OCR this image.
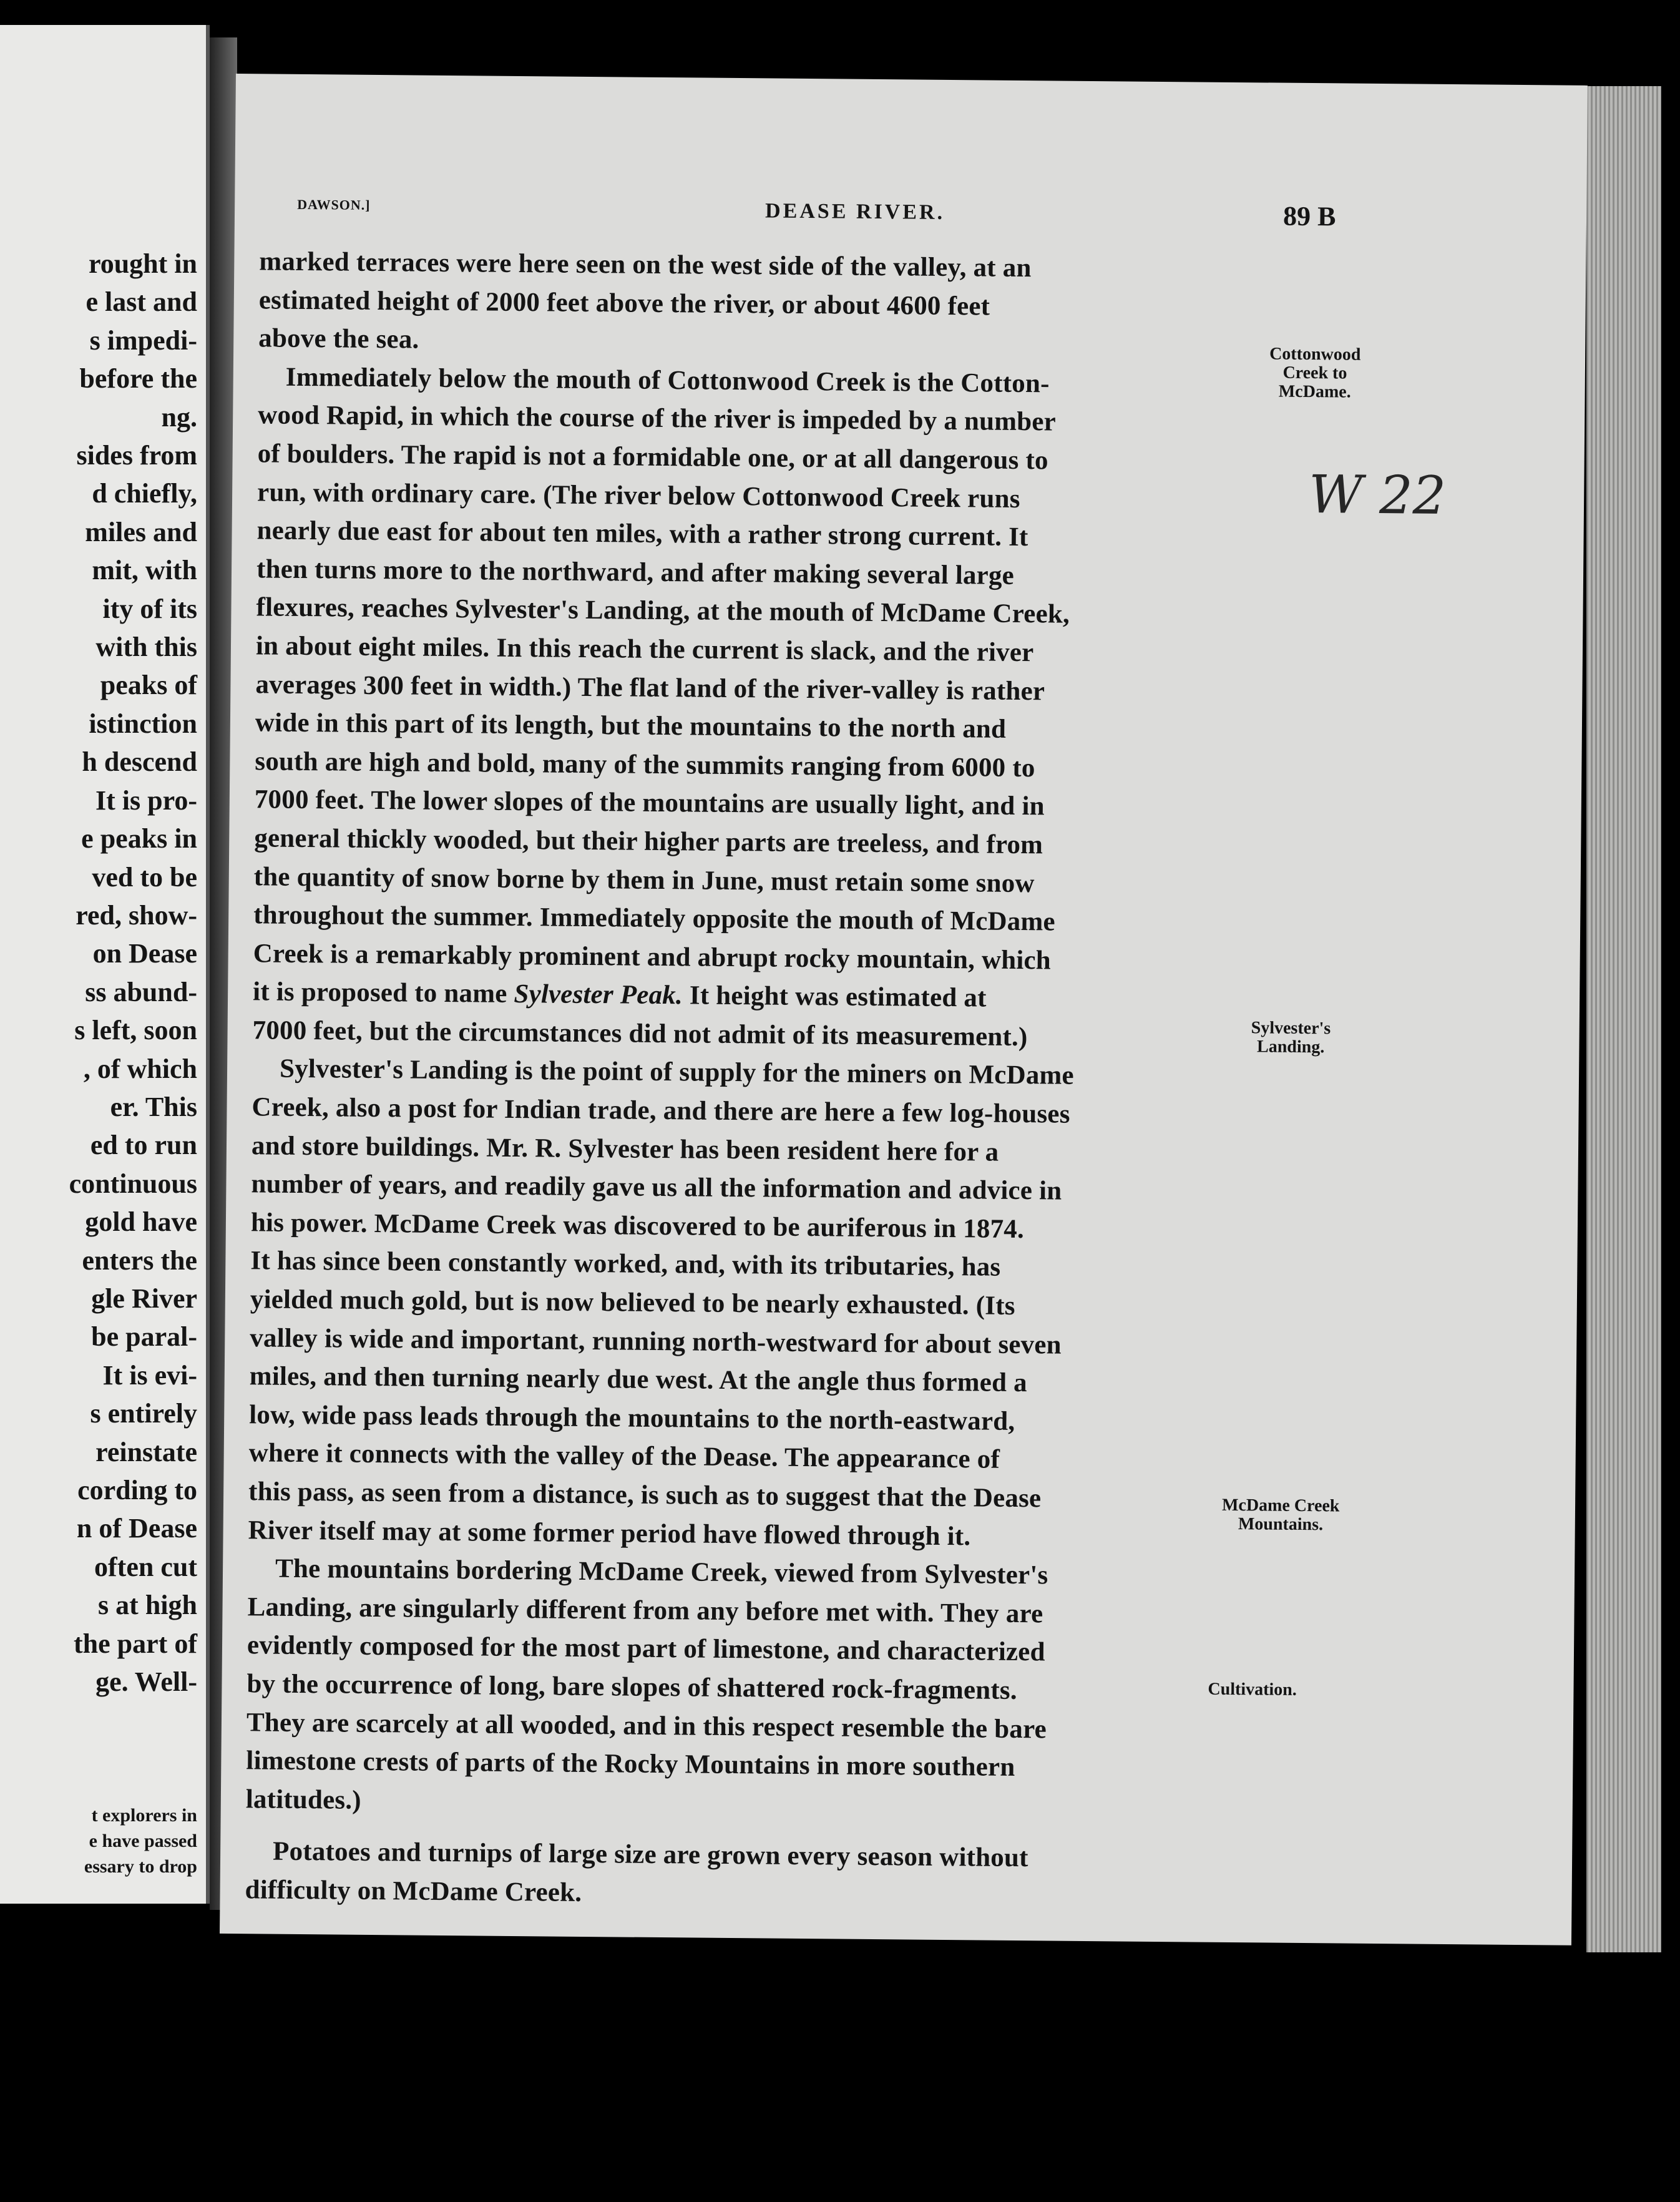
rought in
e last and
s impedi-
before the
ng.
sides from
d chiefly,
miles and
mit, with
ity of its
with this
peaks of
istinction
h descend
It is pro-
e peaks in
ved to be
red, show-
on Dease
ss abund-
s left, soon
, of which
er. This
ed to run
continuous
gold have
enters the
gle River
be paral-
It is evi-
s entirely
reinstate
cording to
n of Dease
often cut
s at high
the part of
ge. Well-
t explorers in
e have passed
essary to drop
DAWSON.]	DEASE RIVER.	89 B
marked terraces were here seen on the west side of the valley, at an
estimated height of 2000 feet above the river, or about 4600 feet
above the sea.
Immediately below the mouth of Cottonwood Creek is the Cotton-
wood Rapid, in which the course of the river is impeded by a number
of boulders. The rapid is not a formidable one, or at all dangerous to
run, with ordinary care. (The river below Cottonwood Creek runs
nearly due east for about ten miles, with a rather strong current. It
then turns more to the northward, and after making several large
flexures, reaches Sylvester's Landing, at the mouth of McDame Creek,
in about eight miles. In this reach the current is slack, and the river
averages 300 feet in width.) The flat land of the river-valley is rather
wide in this part of its length, but the mountains to the north and
south are high and bold, many of the summits ranging from 6000 to
7000 feet. The lower slopes of the mountains are usually light, and in
general thickly wooded, but their higher parts are treeless, and from
the quantity of snow borne by them in June, must retain some snow
throughout the summer. Immediately opposite the mouth of McDame
Creek is a remarkably prominent and abrupt rocky mountain, which
it is proposed to name Sylvester Peak. It height was estimated at
7000 feet, but the circumstances did not admit of its measurement.)
Sylvester's Landing is the point of supply for the miners on McDame
Creek, also a post for Indian trade, and there are here a few log-houses
and store buildings. Mr. R. Sylvester has been resident here for a
number of years, and readily gave us all the information and advice in
his power. McDame Creek was discovered to be auriferous in 1874.
It has since been constantly worked, and, with its tributaries, has
yielded much gold, but is now believed to be nearly exhausted. (Its
valley is wide and important, running north-westward for about seven
miles, and then turning nearly due west. At the angle thus formed a
low, wide pass leads through the mountains to the north-eastward,
where it connects with the valley of the Dease. The appearance of
this pass, as seen from a distance, is such as to suggest that the Dease
River itself may at some former period have flowed through it.
The mountains bordering McDame Creek, viewed from Sylvester's
Landing, are singularly different from any before met with. They are
evidently composed for the most part of limestone, and characterized
by the occurrence of long, bare slopes of shattered rock-fragments.
They are scarcely at all wooded, and in this respect resemble the bare
limestone crests of parts of the Rocky Mountains in more southern
latitudes.)
Potatoes and turnips of large size are grown every season without
difficulty on McDame Creek.
Cottonwood
Creek to
McDame.
Sylvester's
Landing.
McDame Creek
Mountains.
Cultivation.
W 22
